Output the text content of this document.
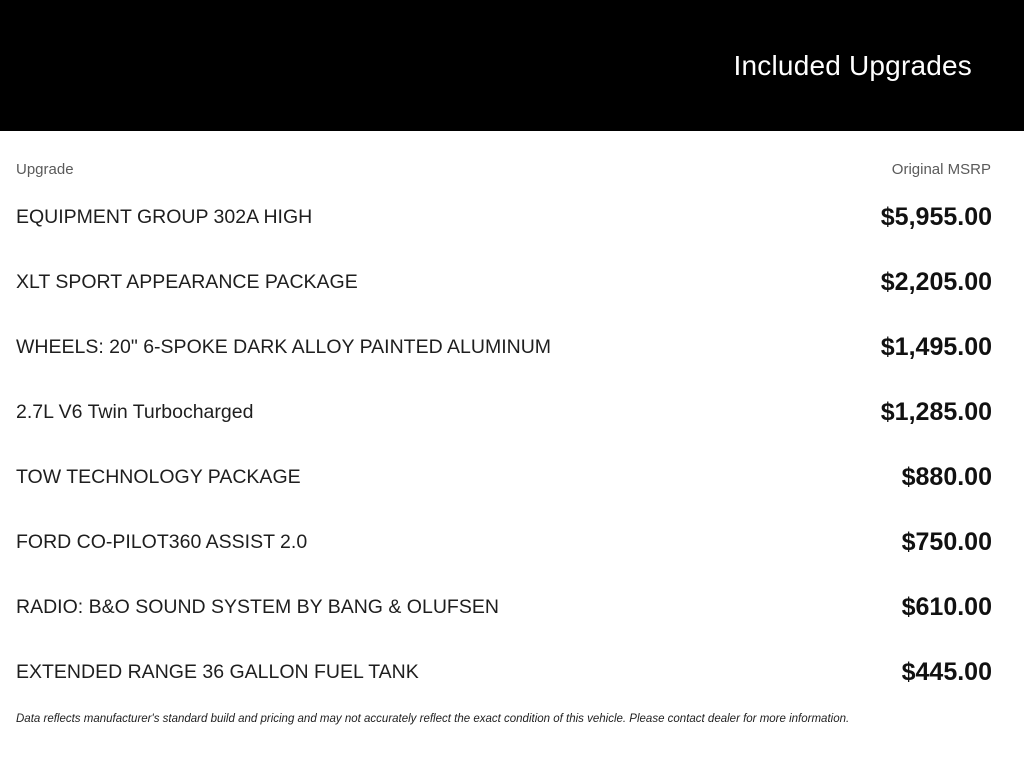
Included Upgrades
Upgrade	Original MSRP
EQUIPMENT GROUP 302A HIGH	$5,955.00
XLT SPORT APPEARANCE PACKAGE	$2,205.00
WHEELS: 20" 6-SPOKE DARK ALLOY PAINTED ALUMINUM	$1,495.00
2.7L V6 Twin Turbocharged	$1,285.00
TOW TECHNOLOGY PACKAGE	$880.00
FORD CO-PILOT360 ASSIST 2.0	$750.00
RADIO: B&O SOUND SYSTEM BY BANG & OLUFSEN	$610.00
EXTENDED RANGE 36 GALLON FUEL TANK	$445.00
Data reflects manufacturer's standard build and pricing and may not accurately reflect the exact condition of this vehicle. Please contact dealer for more information.
